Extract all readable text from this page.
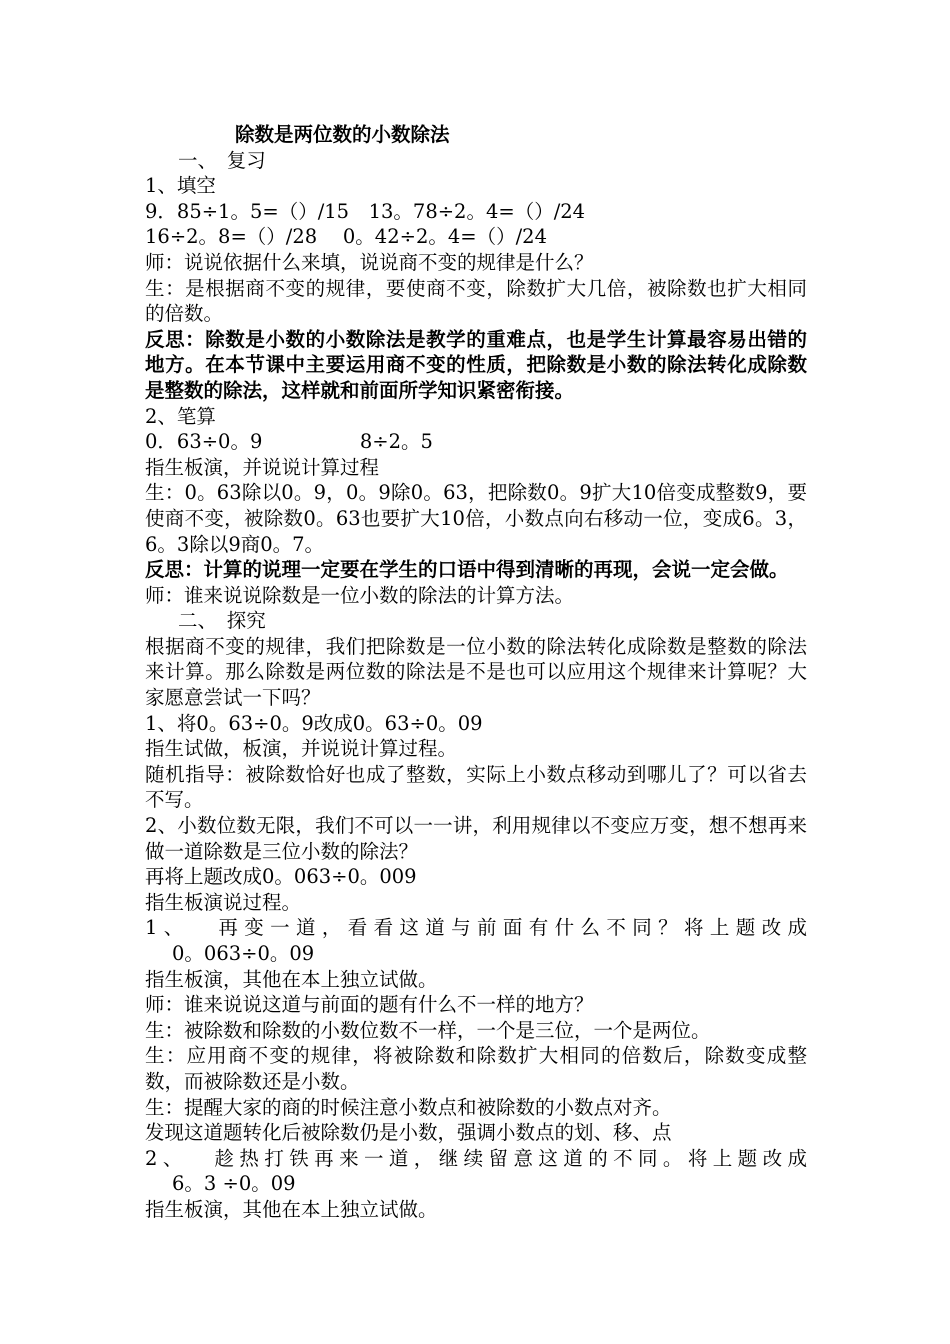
除数是两位数的小数除法
一、　复习
1、填空
9．85÷1。5=（）/15　13。78÷2。4=（）/24
16÷2。8=（）/28　 0。42÷2。4=（）/24
师：说说依据什么来填，说说商不变的规律是什么？
生：是根据商不变的规律，要使商不变，除数扩大几倍，被除数也扩大相同的倍数。
反思：除数是小数的小数除法是教学的重难点，也是学生计算最容易出错的地方。在本节课中主要运用商不变的性质，把除数是小数的除法转化成除数是整数的除法，这样就和前面所学知识紧密衔接。
2、笔算
0．63÷0。9　　　　　8÷2。5
指生板演，并说说计算过程
生：0。63除以0。9，0。9除0。63，把除数0。9扩大10倍变成整数9，要使商不变，被除数0。63也要扩大10倍，小数点向右移动一位，变成6。3，6。3除以9商0。7。
反思：计算的说理一定要在学生的口语中得到清晰的再现，会说一定会做。
师：谁来说说除数是一位小数的除法的计算方法。
二、　探究
根据商不变的规律，我们把除数是一位小数的除法转化成除数是整数的除法来计算。那么除数是两位数的除法是不是也可以应用这个规律来计算呢？大家愿意尝试一下吗？
1、将0。63÷0。9改成0。63÷0。09
指生试做，板演，并说说计算过程。
随机指导：被除数恰好也成了整数，实际上小数点移动到哪儿了？可以省去不写。
2、小数位数无限，我们不可以一一讲，利用规律以不变应万变，想不想再来做一道除数是三位小数的除法？
再将上题改成0。063÷0。009
指生板演说过程。
1、　 再变一道，看看这道与前面有什么不同？将上题改成
0。063÷0。09
指生板演，其他在本上独立试做。
师：谁来说说这道与前面的题有什么不一样的地方？
生：被除数和除数的小数位数不一样，一个是三位，一个是两位。
生：应用商不变的规律，将被除数和除数扩大相同的倍数后，除数变成整数，而被除数还是小数。
生：提醒大家的商的时候注意小数点和被除数的小数点对齐。
发现这道题转化后被除数仍是小数，强调小数点的划、移、点
2、　 趁热打铁再来一道，继续留意这道的不同。将上题改成
6。3 ÷0。09
指生板演，其他在本上独立试做。
